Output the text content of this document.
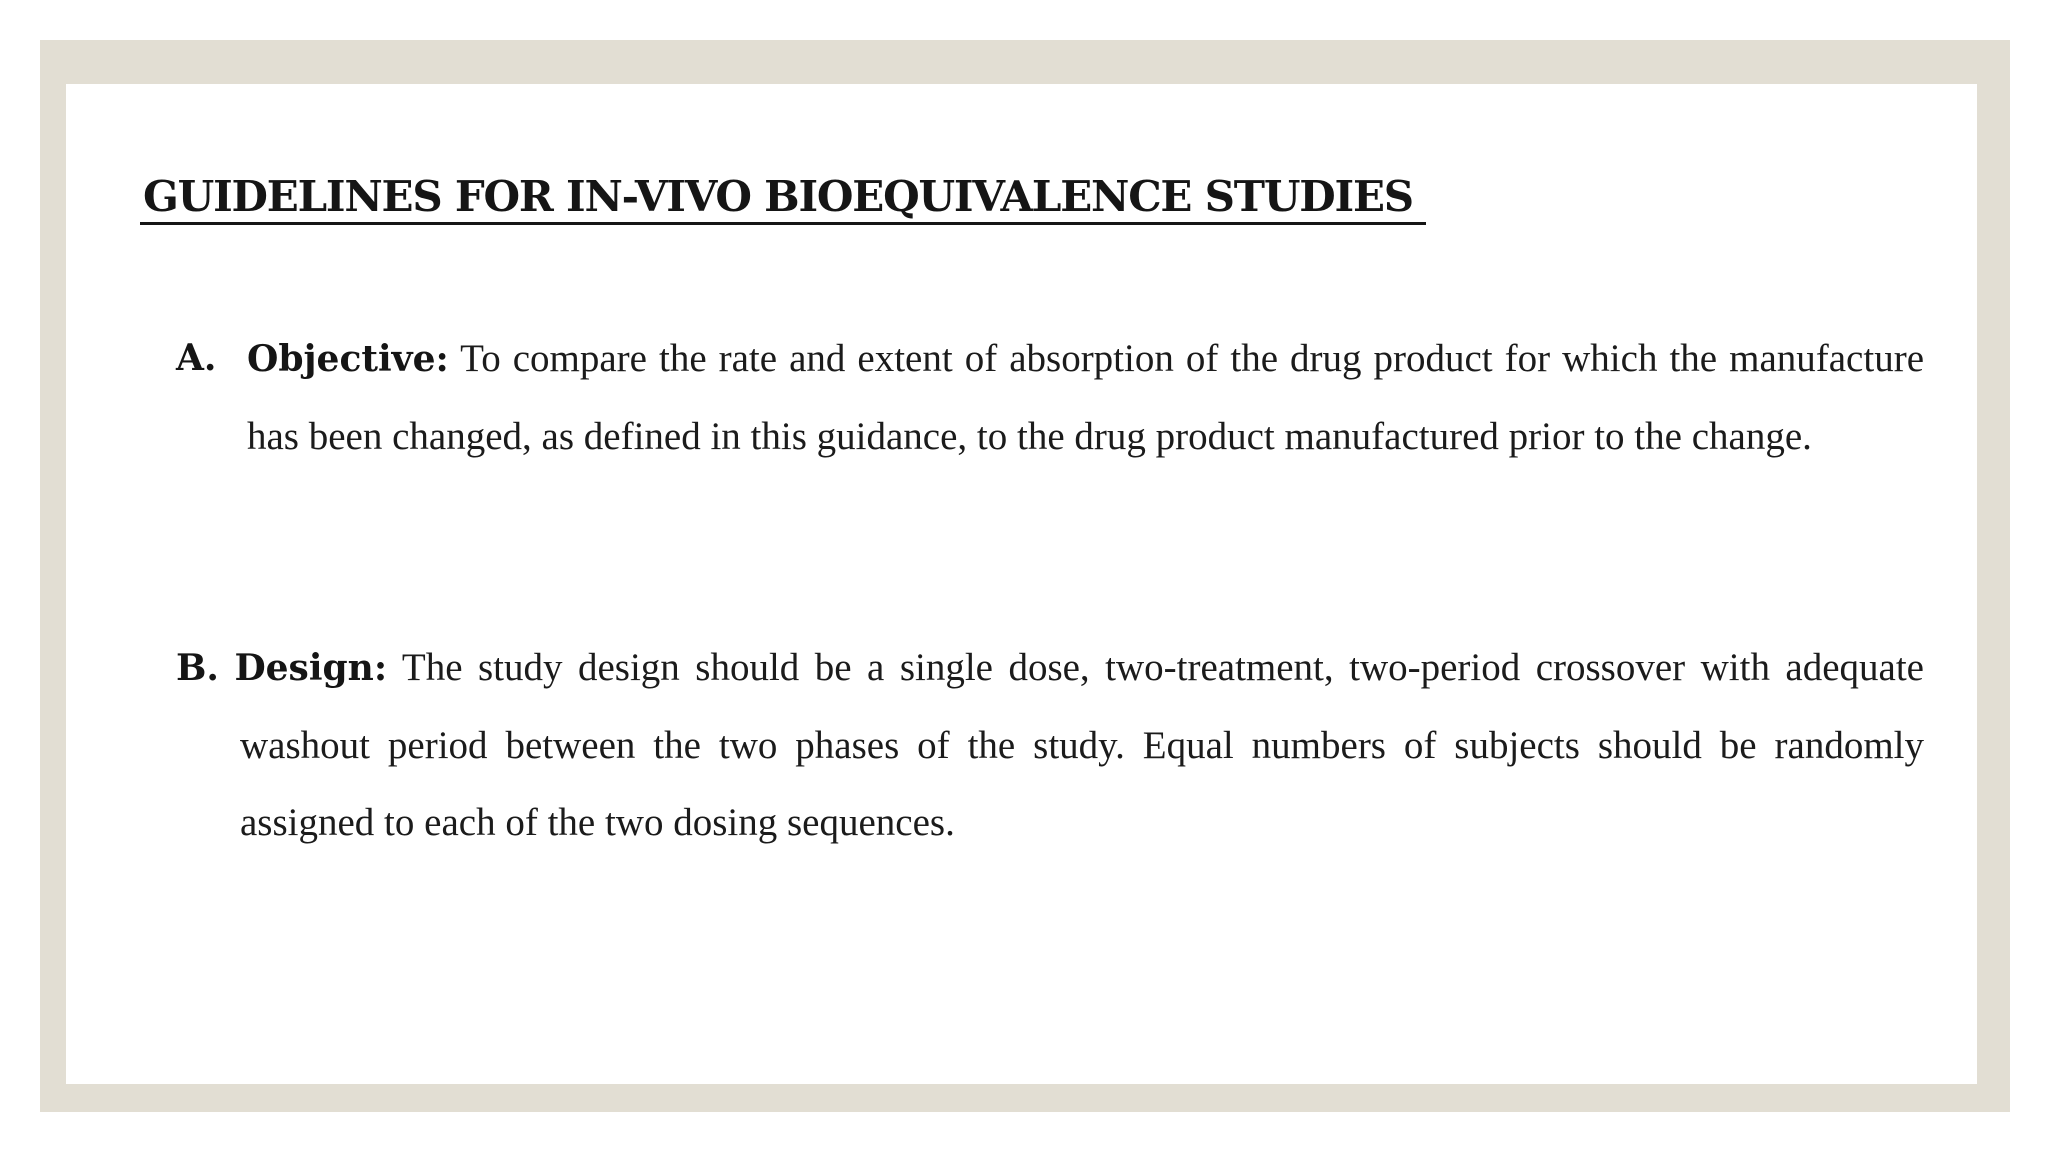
GUIDELINES FOR IN-VIVO BIOEQUIVALENCE STUDIES
A. Objective: To compare the rate and extent of absorption of the drug product for which the manufacture has been changed, as defined in this guidance, to the drug product manufactured prior to the change.
B. Design: The study design should be a single dose, two-treatment, two-period crossover with adequate washout period between the two phases of the study. Equal numbers of subjects should be randomly assigned to each of the two dosing sequences.
